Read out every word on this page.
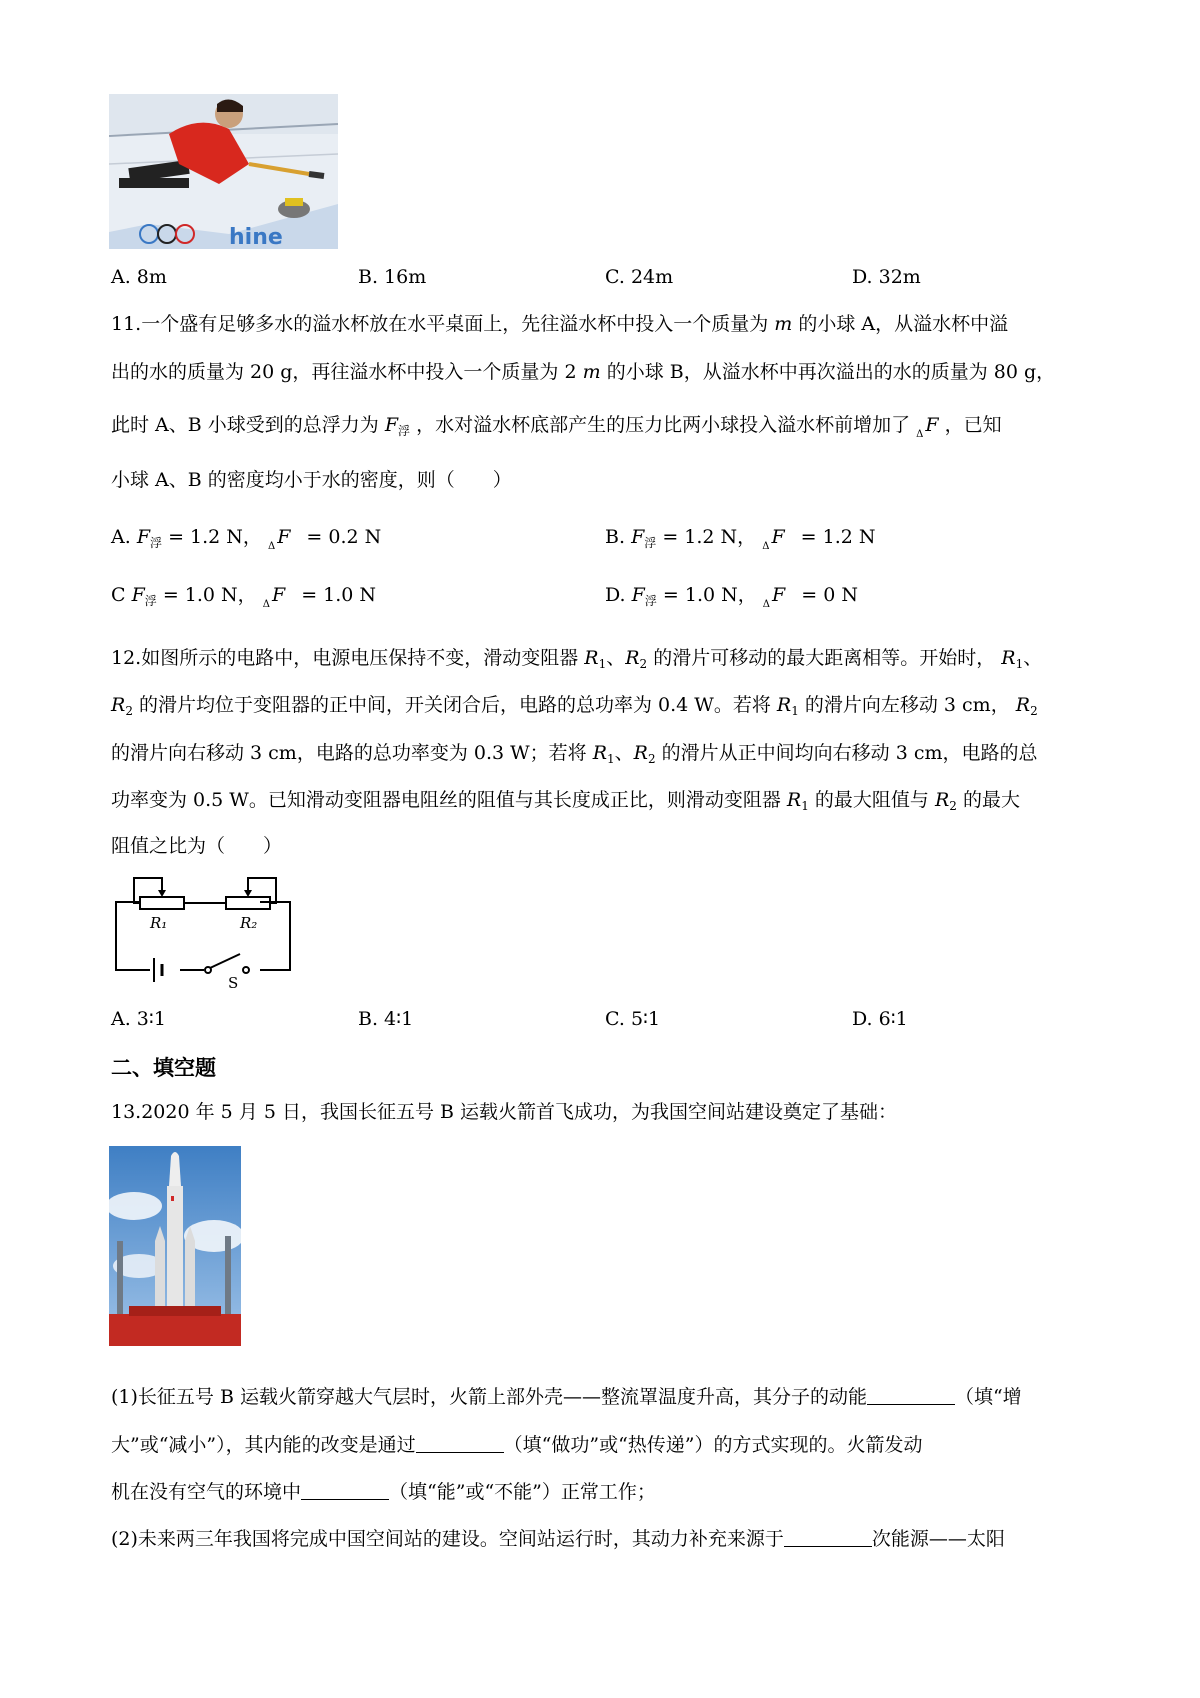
hine
A. 8m	B. 16m	C. 24m	D. 32m
11.一个盛有足够多水的溢水杯放在水平桌面上，先往溢水杯中投入一个质量为 m 的小球 A，从溢水杯中溢
出的水的质量为 20 g，再往溢水杯中投入一个质量为 2 m 的小球 B，从溢水杯中再次溢出的水的质量为 80 g，
此时 A、B 小球受到的总浮力为 $F_浮$ ，水对溢水杯底部产生的压力比两小球投入溢水杯前增加了 $_\Delta$ F ，已知
小球 A、B 的密度均小于水的密度，则（　　）
A. $F_浮 = 1.2$ N， $_\Delta$ F = 0.2 N	B. $F_浮 = 1.2$ N， $_\Delta$ F = 1.2 N
C $F_浮 = 1.0$ N， $_\Delta$ F = 1.0 N	D. $F_浮 = 1.0$ N， $_\Delta$ F = 0 N
12.如图所示的电路中，电源电压保持不变，滑动变阻器 $R_1$、$R_2$ 的滑片可移动的最大距离相等。开始时， $R_1$、
$R_2$ 的滑片均位于变阻器的正中间，开关闭合后，电路的总功率为 0.4 W。若将 $R_1$ 的滑片向左移动 3 cm， $R_2$
的滑片向右移动 3 cm，电路的总功率变为 0.3 W；若将 $R_1$、$R_2$ 的滑片从正中间均向右移动 3 cm，电路的总
功率变为 0.5 W。已知滑动变阻器电阻丝的阻值与其长度成正比，则滑动变阻器 $R_1$ 的最大阻值与 $R_2$ 的最大
阻值之比为（　　）
R₁	R₂
S
A. 3∶1	B. 4∶1	C. 5∶1	D. 6∶1
二、填空题
13.2020 年 5 月 5 日，我国长征五号 B 运载火箭首飞成功，为我国空间站建设奠定了基础：
(1)长征五号 B 运载火箭穿越大气层时，火箭上部外壳——整流罩温度升高，其分子的动能	（填“增
大”或“减小”），其内能的改变是通过	（填“做功”或“热传递”）的方式实现的。火箭发动
机在没有空气的环境中	（填“能”或“不能”）正常工作；
(2)未来两三年我国将完成中国空间站的建设。空间站运行时，其动力补充来源于	次能源——太阳
